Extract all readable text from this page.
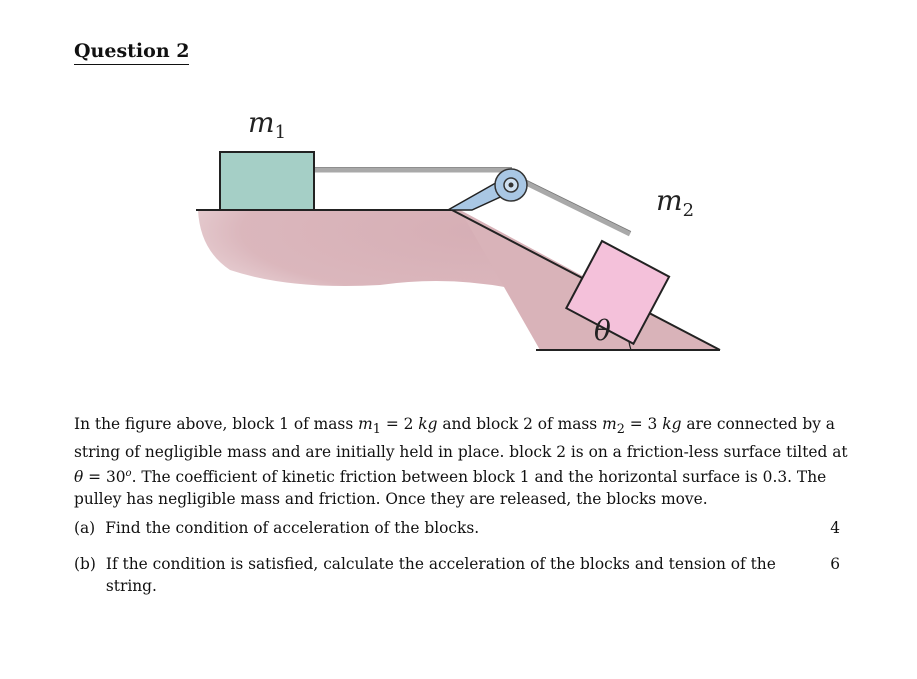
Question 2
$m_1$
$m_2$
θ
In the figure above, block 1 of mass $m_1 = 2$ kg and block 2 of mass $m_2 = 3$ kg are connected by a
string of negligible mass and are initially held in place. block 2 is on a friction-less surface tilted at
$\theta = 30^o$. The coefficient of kinetic friction between block 1 and the horizontal surface is 0.3. The
pulley has negligible mass and friction. Once they are released, the blocks move.
(a) Find the condition of acceleration of the blocks.	4
(b) If the condition is satisfied, calculate the acceleration of the blocks and tension of the string.
6
